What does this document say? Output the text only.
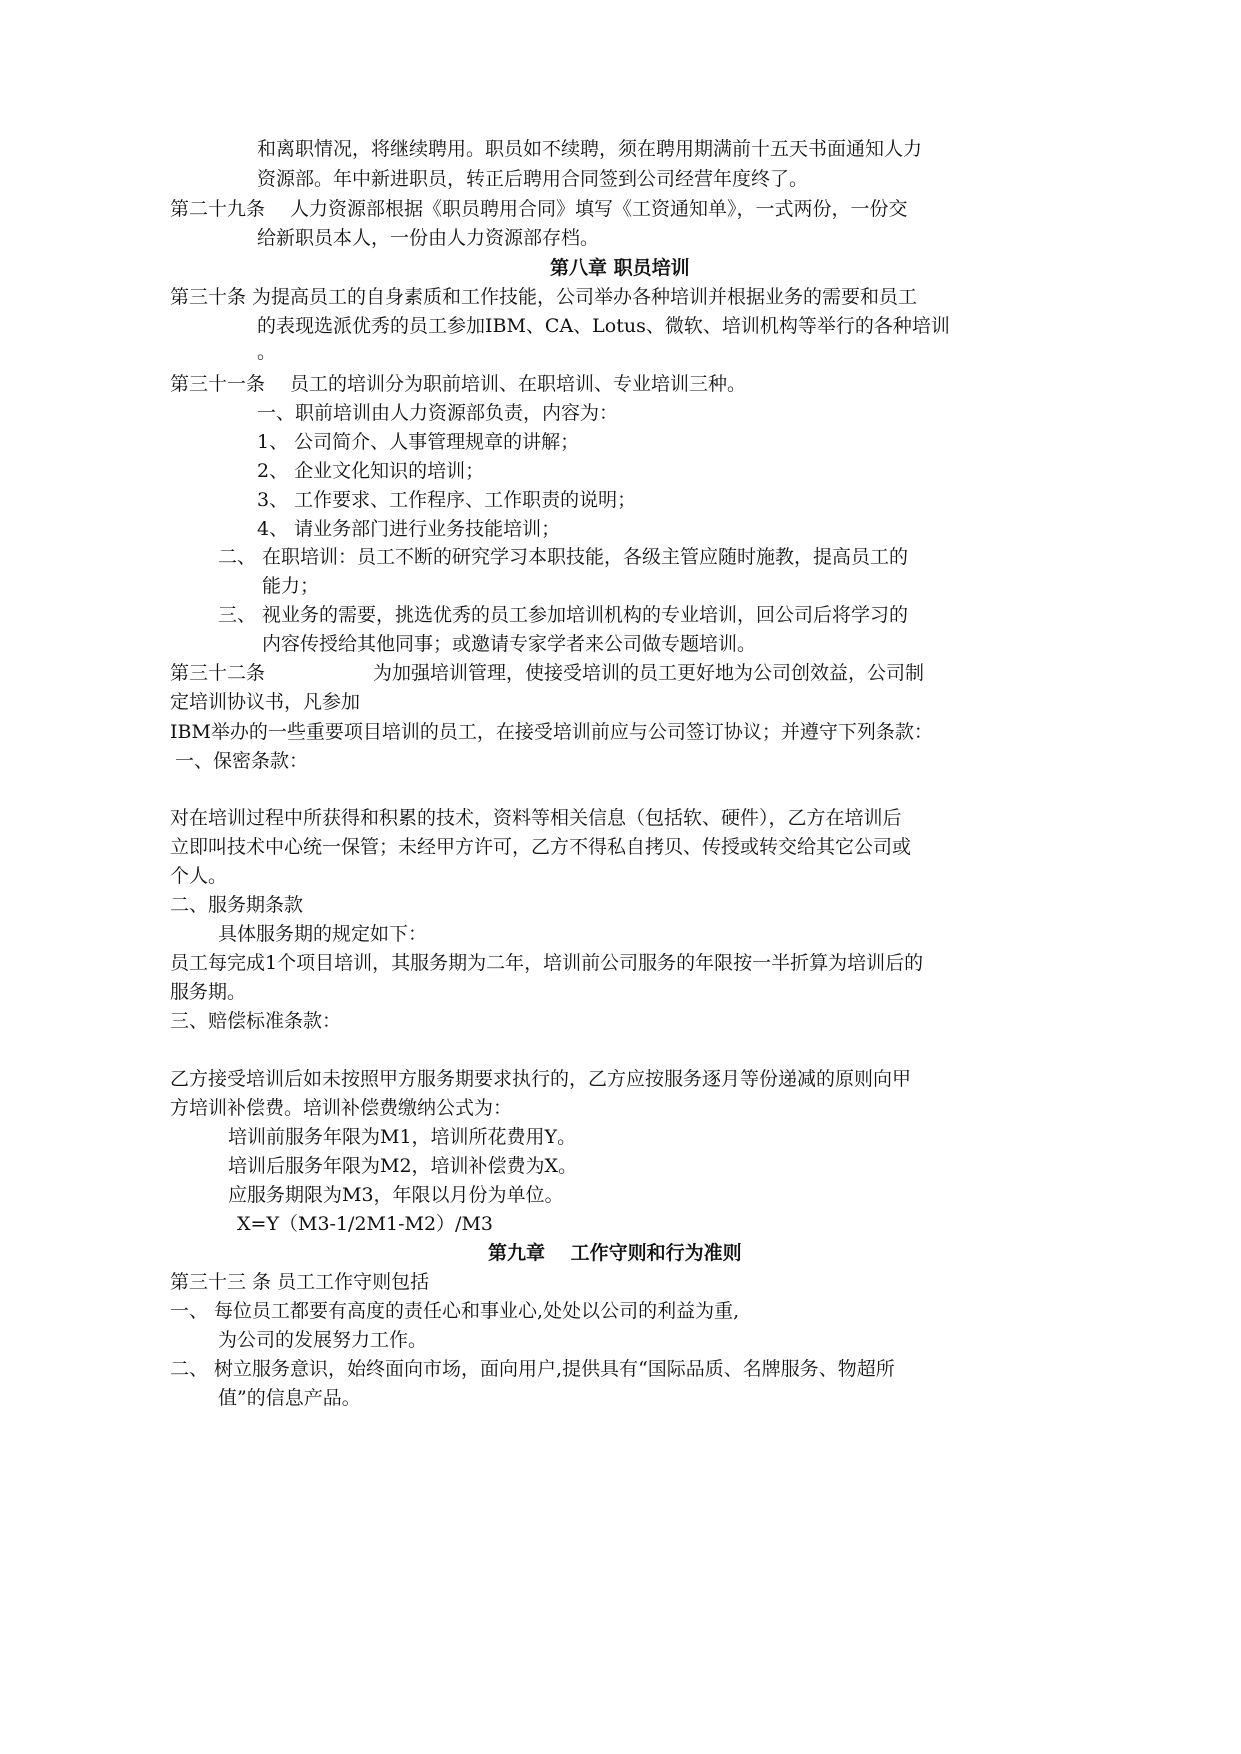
和离职情况，将继续聘用。职员如不续聘，须在聘用期满前十五天书面通知人力
资源部。年中新进职员，转正后聘用合同签到公司经营年度终了。
第二十九条　 人力资源部根据《职员聘用合同》填写《工资通知单》，一式两份，一份交
给新职员本人，一份由人力资源部存档。
第八章 职员培训
第三十条 为提高员工的自身素质和工作技能，公司举办各种培训并根据业务的需要和员工
的表现选派优秀的员工参加IBM、CA、Lotus、微软、培训机构等举行的各种培训
。
第三十一条　 员工的培训分为职前培训、在职培训、专业培训三种。
一、职前培训由人力资源部负责，内容为：
1、 公司简介、人事管理规章的讲解；
2、 企业文化知识的培训；
3、 工作要求、工作程序、工作职责的说明；
4、 请业务部门进行业务技能培训；
二、 在职培训：员工不断的研究学习本职技能，各级主管应随时施教，提高员工的
能力；
三、 视业务的需要，挑选优秀的员工参加培训机构的专业培训，回公司后将学习的
内容传授给其他同事；或邀请专家学者来公司做专题培训。
第三十二条	为加强培训管理，使接受培训的员工更好地为公司创效益，公司制
定培训协议书，凡参加
IBM举办的一些重要项目培训的员工，在接受培训前应与公司签订协议；并遵守下列条款：
一、保密条款：
对在培训过程中所获得和积累的技术，资料等相关信息（包括软、硬件），乙方在培训后
立即叫技术中心统一保管；未经甲方许可，乙方不得私自拷贝、传授或转交给其它公司或
个人。
二、服务期条款
具体服务期的规定如下：
员工每完成1个项目培训，其服务期为二年，培训前公司服务的年限按一半折算为培训后的
服务期。
三、赔偿标准条款：
乙方接受培训后如未按照甲方服务期要求执行的，乙方应按服务逐月等份递减的原则向甲
方培训补偿费。培训补偿费缴纳公式为：
培训前服务年限为M1，培训所花费用Y。
培训后服务年限为M2，培训补偿费为X。
应服务期限为M3，年限以月份为单位。
X=Y（M3-1/2M1-M2）/M3
第九章　 工作守则和行为准则
第三十三 条 员工工作守则包括
一、 每位员工都要有高度的责任心和事业心,处处以公司的利益为重,
为公司的发展努力工作。
二、 树立服务意识，始终面向市场，面向用户,提供具有“国际品质、名牌服务、物超所
值”的信息产品。
